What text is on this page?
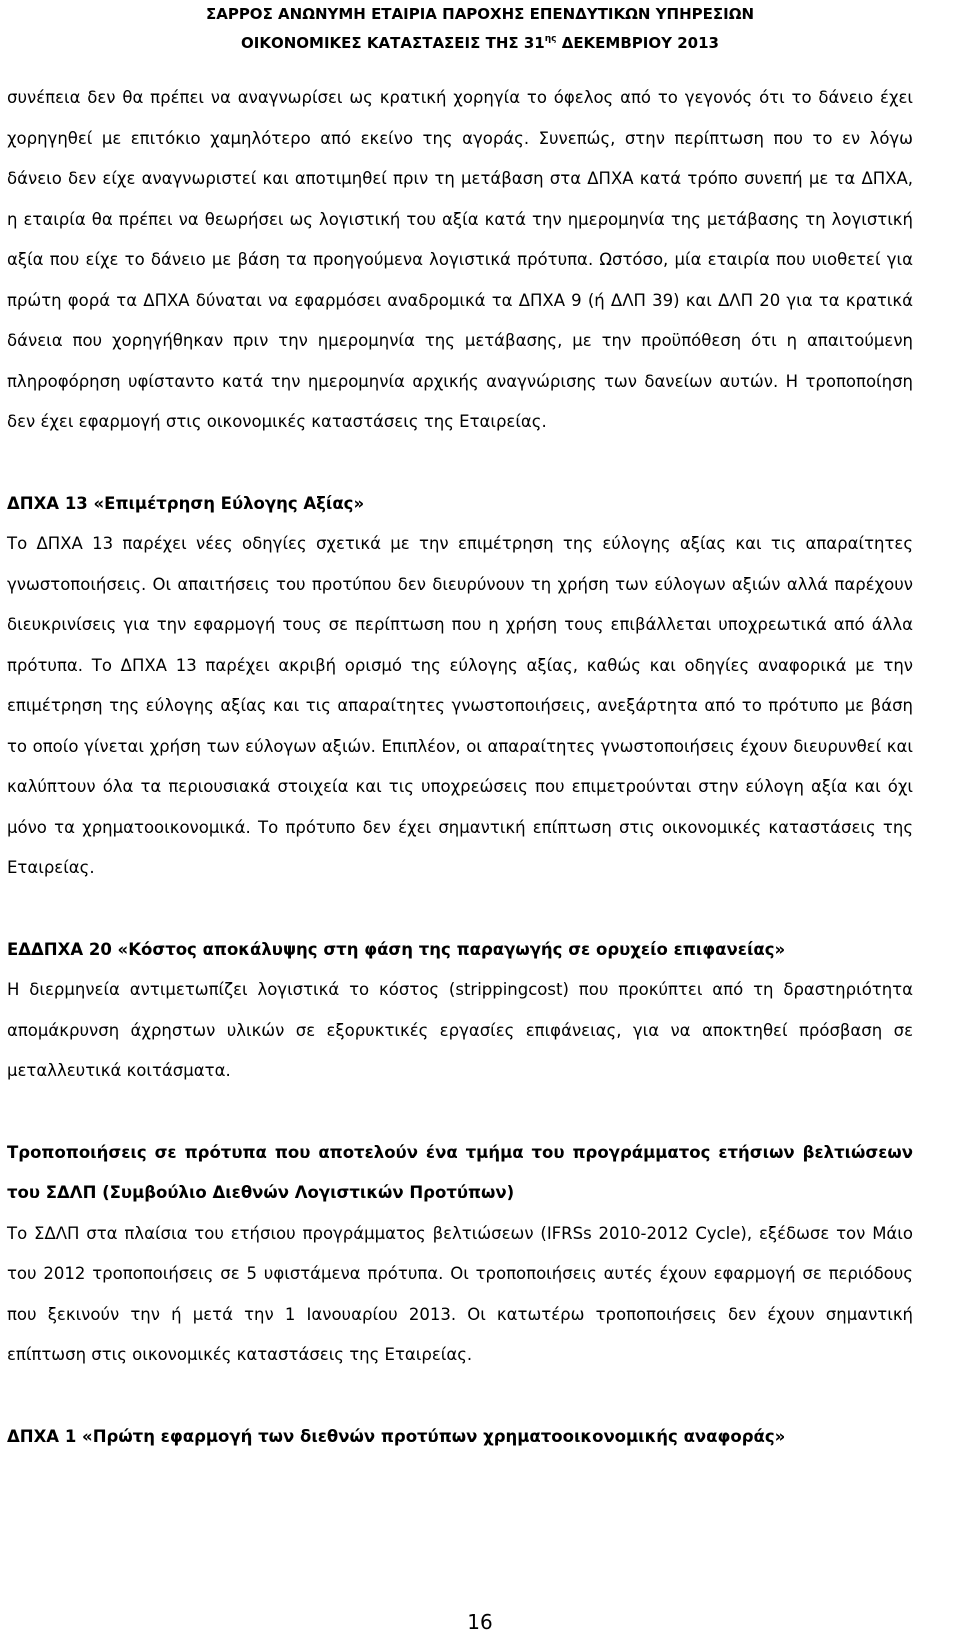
ΣΑΡΡΟΣ ΑΝΩΝΥΜΗ ΕΤΑΙΡΙΑ ΠΑΡΟΧΗΣ ΕΠΕΝΔΥΤΙΚΩΝ ΥΠΗΡΕΣΙΩΝ
ΟΙΚΟΝΟΜΙΚΕΣ ΚΑΤΑΣΤΑΣΕΙΣ ΤΗΣ $31^{\eta\varsigma}$ ΔΕΚΕΜΒΡΙΟΥ 2013

συνέπεια δεν θα πρέπει να αναγνωρίσει ως κρατική χορηγία το όφελος από το γεγονός ότι το δάνειο έχει χορηγηθεί με επιτόκιο χαμηλότερο από εκείνο της αγοράς. Συνεπώς, στην περίπτωση που το εν λόγω δάνειο δεν είχε αναγνωριστεί και αποτιμηθεί πριν τη μετάβαση στα ΔΠΧΑ κατά τρόπο συνεπή με τα ΔΠΧΑ, η εταιρία θα πρέπει να θεωρήσει ως λογιστική του αξία κατά την ημερομηνία της μετάβασης τη λογιστική αξία που είχε το δάνειο με βάση τα προηγούμενα λογιστικά πρότυπα. Ωστόσο, μία εταιρία που υιοθετεί για πρώτη φορά τα ΔΠΧΑ δύναται να εφαρμόσει αναδρομικά τα ΔΠΧΑ 9 (ή ΔΛΠ 39) και ΔΛΠ 20 για τα κρατικά δάνεια που χορηγήθηκαν πριν την ημερομηνία της μετάβασης, με την προϋπόθεση ότι η απαιτούμενη πληροφόρηση υφίσταντο κατά την ημερομηνία αρχικής αναγνώρισης των δανείων αυτών. Η τροποποίηση δεν έχει εφαρμογή στις οικονομικές καταστάσεις της Εταιρείας.

ΔΠΧΑ 13 «Επιμέτρηση Εύλογης Αξίας»

Το ΔΠΧΑ 13 παρέχει νέες οδηγίες σχετικά με την επιμέτρηση της εύλογης αξίας και τις απαραίτητες γνωστοποιήσεις. Οι απαιτήσεις του προτύπου δεν διευρύνουν τη χρήση των εύλογων αξιών αλλά παρέχουν διευκρινίσεις για την εφαρμογή τους σε περίπτωση που η χρήση τους επιβάλλεται υποχρεωτικά από άλλα πρότυπα. Το ΔΠΧΑ 13 παρέχει ακριβή ορισμό της εύλογης αξίας, καθώς και οδηγίες αναφορικά με την επιμέτρηση της εύλογης αξίας και τις απαραίτητες γνωστοποιήσεις, ανεξάρτητα από το πρότυπο με βάση το οποίο γίνεται χρήση των εύλογων αξιών. Επιπλέον, οι απαραίτητες γνωστοποιήσεις έχουν διευρυνθεί και καλύπτουν όλα τα περιουσιακά στοιχεία και τις υποχρεώσεις που επιμετρούνται στην εύλογη αξία και όχι μόνο τα χρηματοοικονομικά. Το πρότυπο δεν έχει σημαντική επίπτωση στις οικονομικές καταστάσεις της Εταιρείας.

ΕΔΔΠΧΑ 20 «Κόστος αποκάλυψης στη φάση της παραγωγής σε ορυχείο επιφανείας»

Η διερμηνεία αντιμετωπίζει λογιστικά το κόστος (strippingcost) που προκύπτει από τη δραστηριότητα απομάκρυνση άχρηστων υλικών σε εξορυκτικές εργασίες επιφάνειας, για να αποκτηθεί πρόσβαση σε μεταλλευτικά κοιτάσματα.

Τροποποιήσεις σε πρότυπα που αποτελούν ένα τμήμα του προγράμματος ετήσιων βελτιώσεων του ΣΔΛΠ (Συμβούλιο Διεθνών Λογιστικών Προτύπων)

Το ΣΔΛΠ στα πλαίσια του ετήσιου προγράμματος βελτιώσεων (IFRSs 2010-2012 Cycle), εξέδωσε τον Μάιο του 2012 τροποποιήσεις σε 5 υφιστάμενα πρότυπα. Οι τροποποιήσεις αυτές έχουν εφαρμογή σε περιόδους που ξεκινούν την ή μετά την 1 Ιανουαρίου 2013. Οι κατωτέρω τροποποιήσεις δεν έχουν σημαντική επίπτωση στις οικονομικές καταστάσεις της Εταιρείας.

ΔΠΧΑ 1 «Πρώτη εφαρμογή των διεθνών προτύπων χρηματοοικονομικής αναφοράς»
16
